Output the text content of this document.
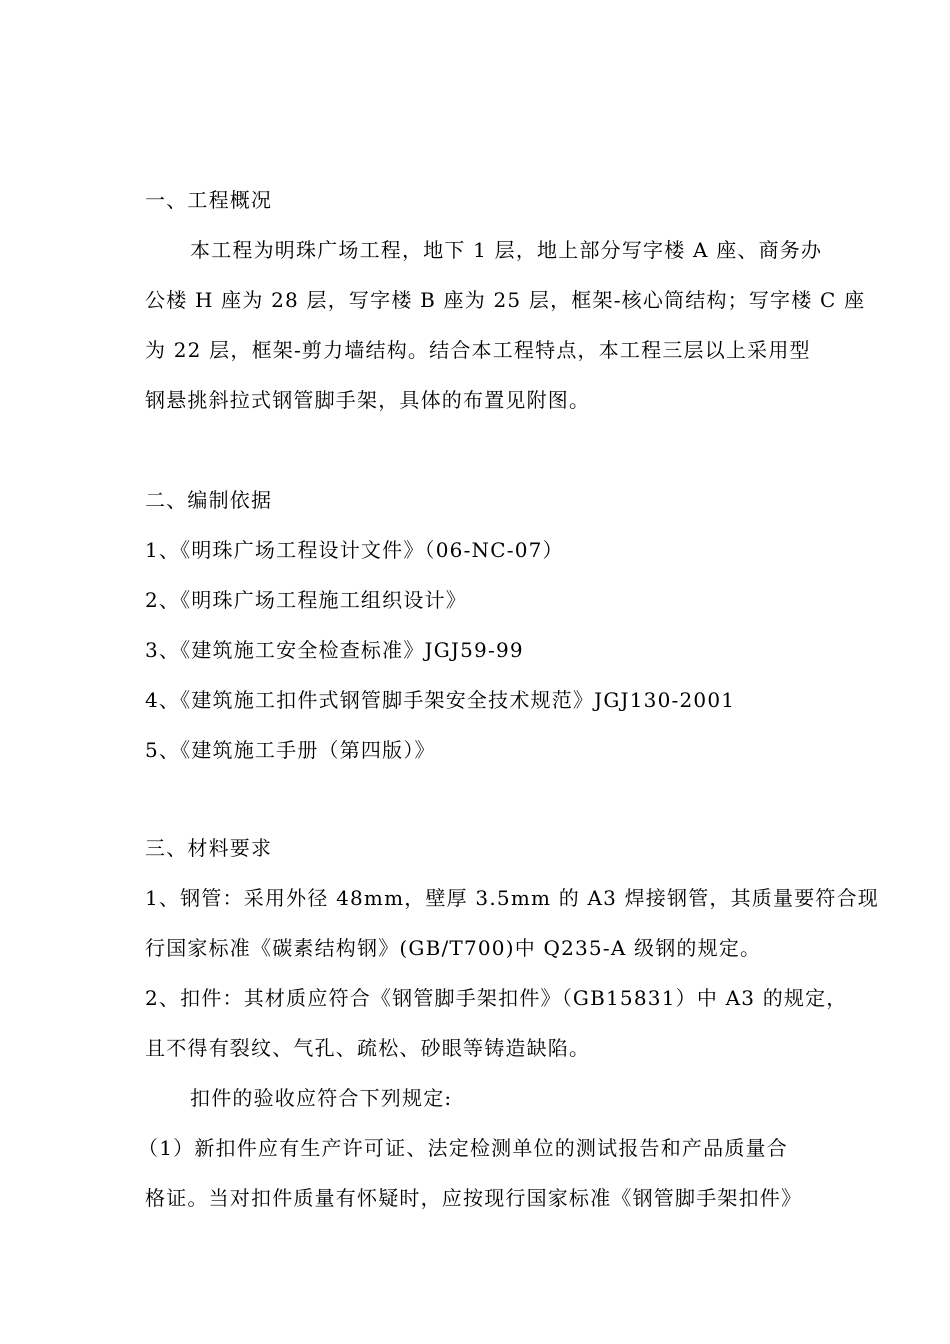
一、工程概况
本工程为明珠广场工程，地下 1 层，地上部分写字楼 A 座、商务办
公楼 H 座为 28 层，写字楼 B 座为 25 层，框架-核心筒结构；写字楼 C 座
为 22 层，框架-剪力墙结构。结合本工程特点，本工程三层以上采用型
钢悬挑斜拉式钢管脚手架，具体的布置见附图。
二、编制依据
1、《明珠广场工程设计文件》（06-NC-07）
2、《明珠广场工程施工组织设计》
3、《建筑施工安全检查标准》JGJ59-99
4、《建筑施工扣件式钢管脚手架安全技术规范》JGJ130-2001
5、《建筑施工手册（第四版）》
三、材料要求
1、钢管：采用外径 48mm，壁厚 3.5mm 的 A3 焊接钢管，其质量要符合现
行国家标准《碳素结构钢》(GB/T700)中 Q235-A 级钢的规定。
2、扣件：其材质应符合《钢管脚手架扣件》（GB15831）中 A3 的规定，
且不得有裂纹、气孔、疏松、砂眼等铸造缺陷。
扣件的验收应符合下列规定:
（1）新扣件应有生产许可证、法定检测单位的测试报告和产品质量合
格证。当对扣件质量有怀疑时，应按现行国家标准《钢管脚手架扣件》
